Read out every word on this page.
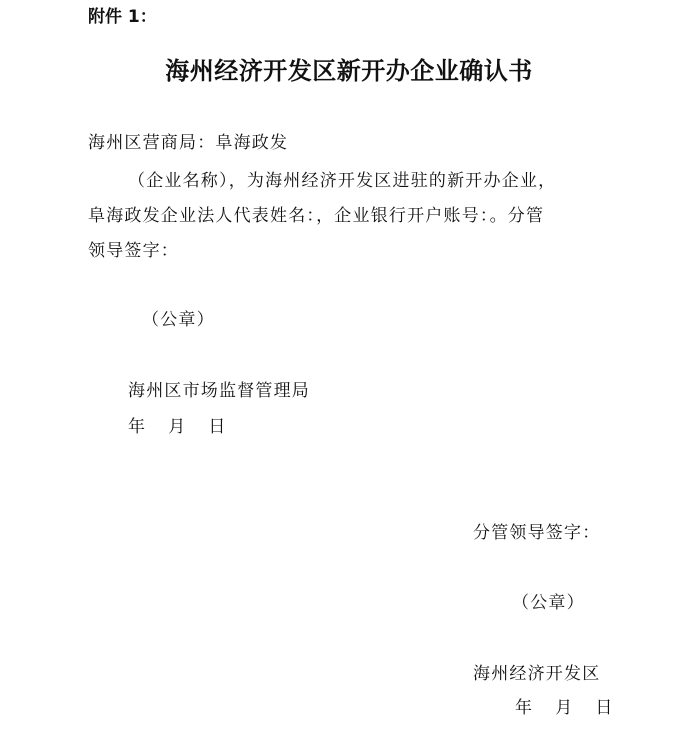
附件 1：
海州经济开发区新开办企业确认书
海州区营商局：阜海政发
（企业名称），为海州经济开发区进驻的新开办企业，
阜海政发企业法人代表姓名：，企业银行开户账号：。分管
领导签字：
（公章）
海州区市场监督管理局
年 月 日
分管领导签字：
（公章）
海州经济开发区
年 月 日
